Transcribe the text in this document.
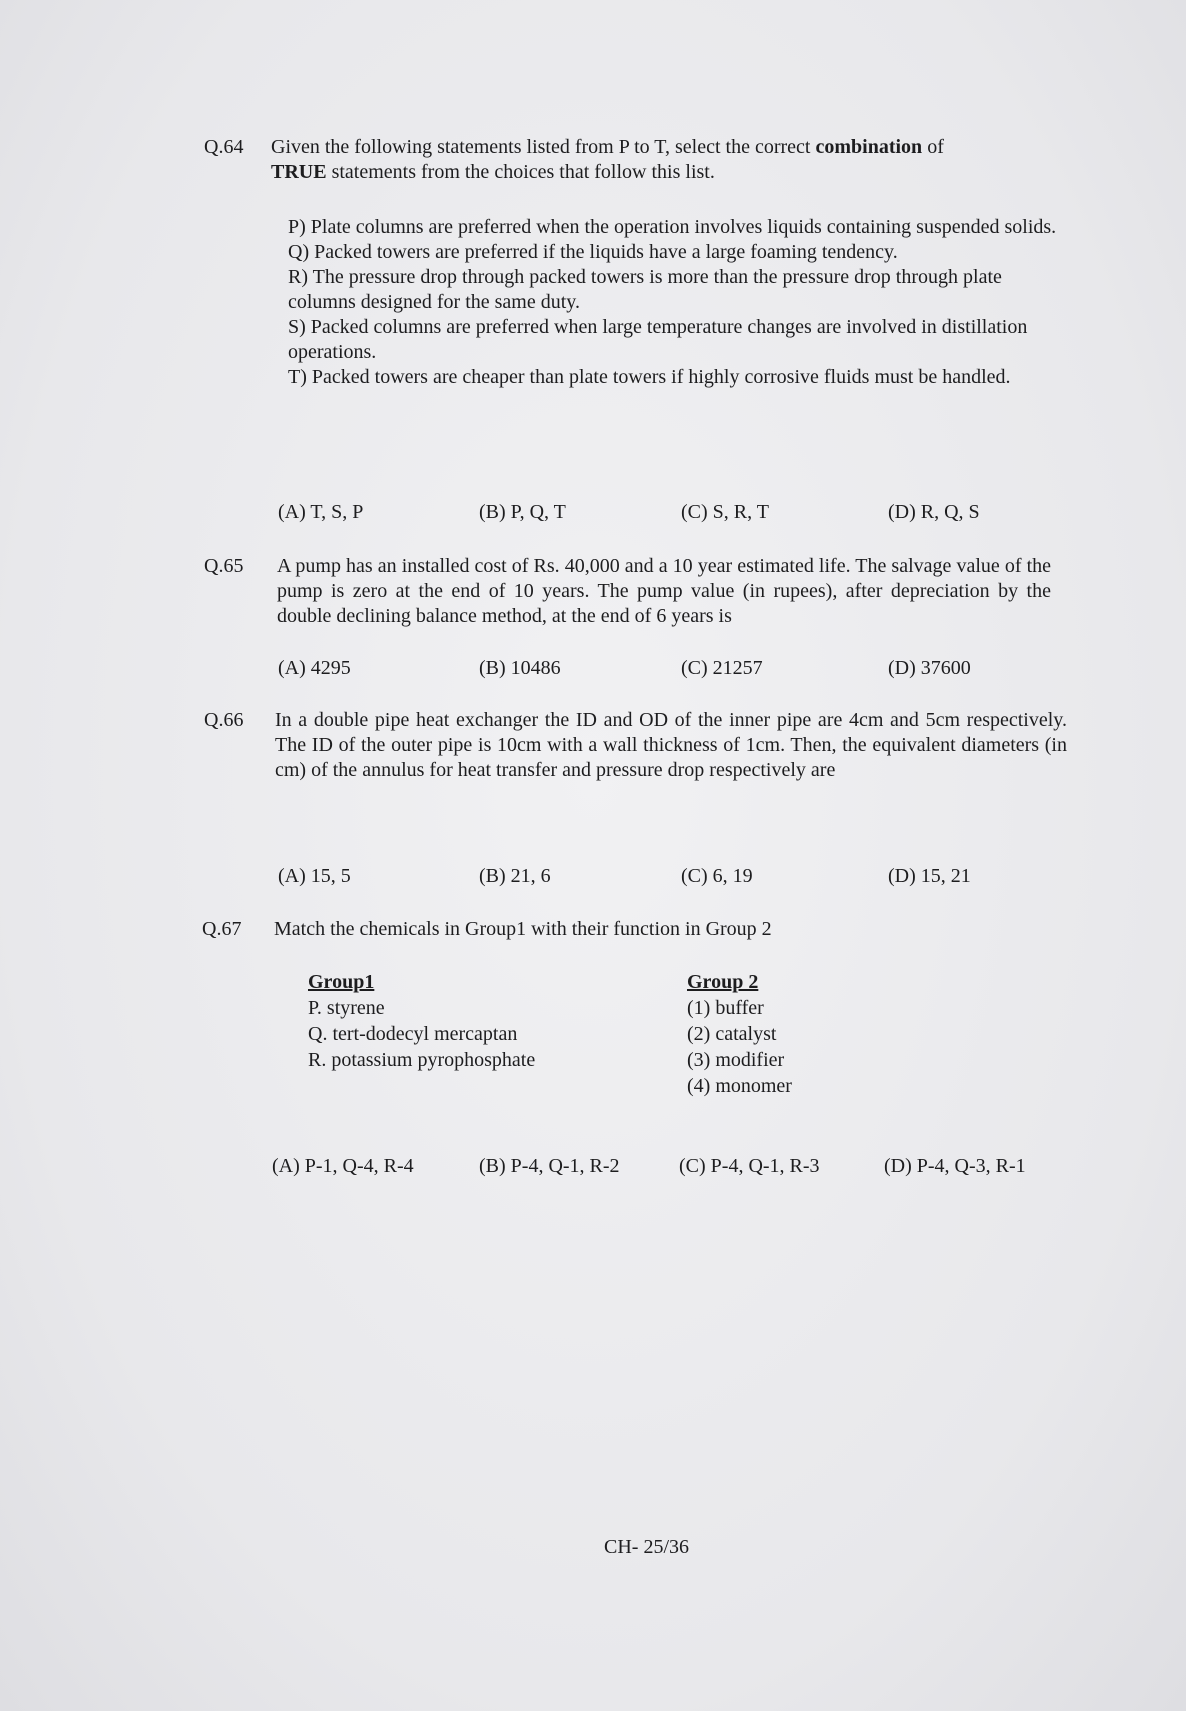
Q.64 Given the following statements listed from P to T, select the correct combination of
TRUE statements from the choices that follow this list.
P) Plate columns are preferred when the operation involves liquids containing suspended solids.
Q) Packed towers are preferred if the liquids have a large foaming tendency.
R) The pressure drop through packed towers is more than the pressure drop through plate columns designed for the same duty.
S) Packed columns are preferred when large temperature changes are involved in distillation operations.
T) Packed towers are cheaper than plate towers if highly corrosive fluids must be handled.
(A) T, S, P	(B) P, Q, T	(C) S, R, T	(D) R, Q, S
Q.65 A pump has an installed cost of Rs. 40,000 and a 10 year estimated life. The salvage value of the pump is zero at the end of 10 years. The pump value (in rupees), after depreciation by the double declining balance method, at the end of 6 years is
(A) 4295	(B) 10486	(C) 21257	(D) 37600
Q.66 In a double pipe heat exchanger the ID and OD of the inner pipe are 4cm and 5cm respectively. The ID of the outer pipe is 10cm with a wall thickness of 1cm. Then, the equivalent diameters (in cm) of the annulus for heat transfer and pressure drop respectively are
(A) 15, 5	(B) 21, 6	(C) 6, 19	(D) 15, 21
Q.67 Match the chemicals in Group1 with their function in Group 2
Group1
P. styrene
Q. tert-dodecyl mercaptan
R. potassium pyrophosphate
Group 2
(1) buffer
(2) catalyst
(3) modifier
(4) monomer
(A) P-1, Q-4, R-4	(B) P-4, Q-1, R-2	(C) P-4, Q-1, R-3	(D) P-4, Q-3, R-1
CH- 25/36
